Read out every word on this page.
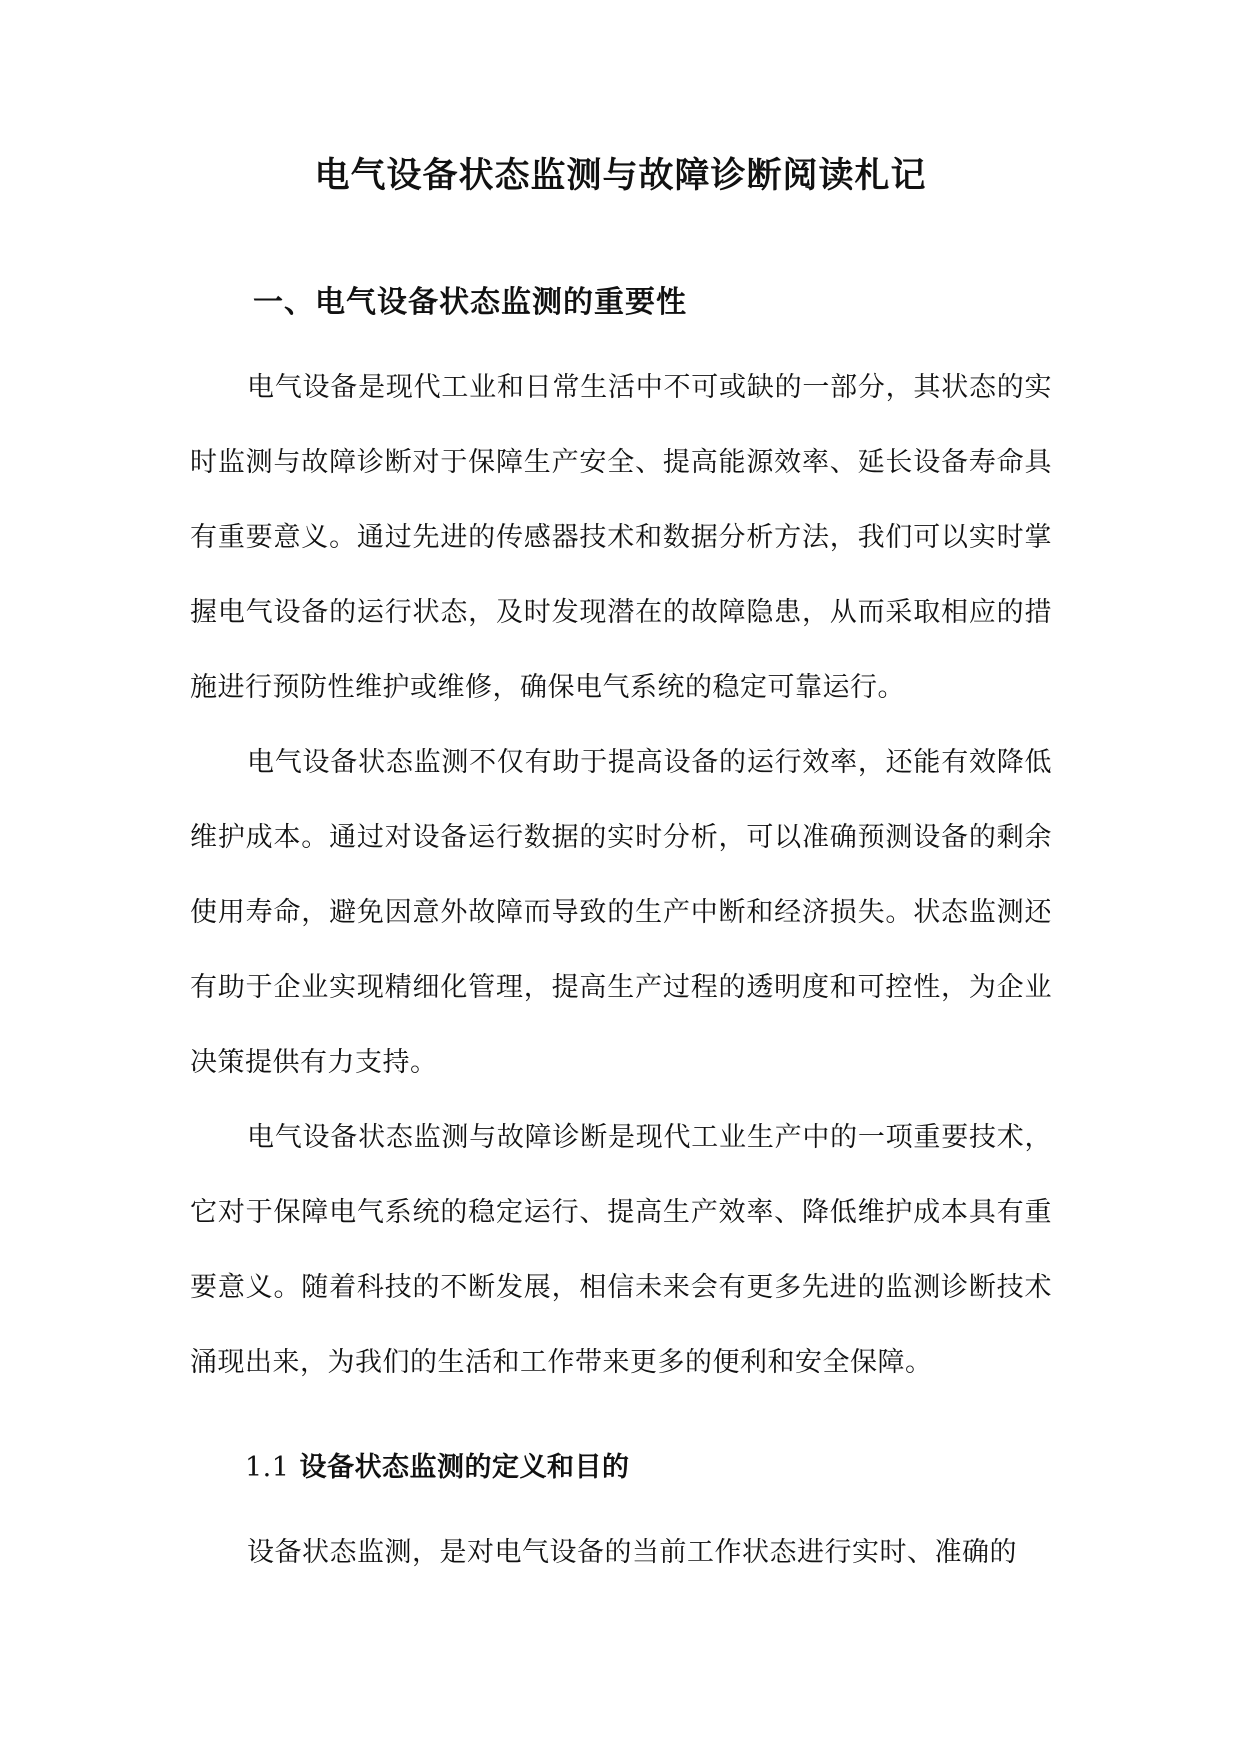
电气设备状态监测与故障诊断阅读札记
一、电气设备状态监测的重要性

电气设备是现代工业和日常生活中不可或缺的一部分，其状态的实时监测与故障诊断对于保障生产安全、提高能源效率、延长设备寿命具有重要意义。通过先进的传感器技术和数据分析方法，我们可以实时掌握电气设备的运行状态，及时发现潜在的故障隐患，从而采取相应的措施进行预防性维护或维修，确保电气系统的稳定可靠运行。

电气设备状态监测不仅有助于提高设备的运行效率，还能有效降低维护成本。通过对设备运行数据的实时分析，可以准确预测设备的剩余使用寿命，避免因意外故障而导致的生产中断和经济损失。状态监测还有助于企业实现精细化管理，提高生产过程的透明度和可控性，为企业决策提供有力支持。

电气设备状态监测与故障诊断是现代工业生产中的一项重要技术，它对于保障电气系统的稳定运行、提高生产效率、降低维护成本具有重要意义。随着科技的不断发展，相信未来会有更多先进的监测诊断技术涌现出来，为我们的生活和工作带来更多的便利和安全保障。

1.1 设备状态监测的定义和目的

设备状态监测，是对电气设备的当前工作状态进行实时、准确的
